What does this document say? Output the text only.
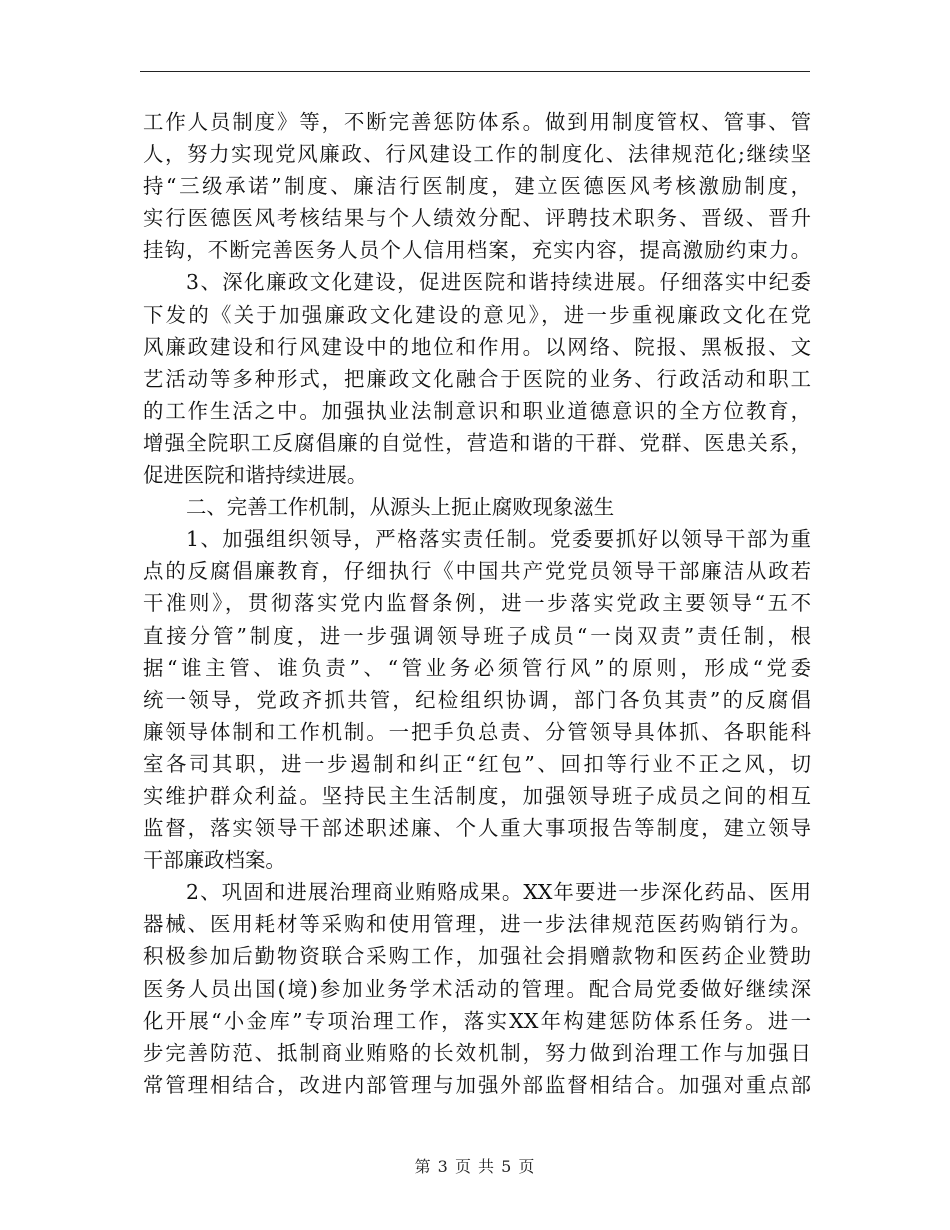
工作人员制度》等，不断完善惩防体系。做到用制度管权、管事、管
人，努力实现党风廉政、行风建设工作的制度化、法律规范化;继续坚
持“三级承诺”制度、廉洁行医制度，建立医德医风考核激励制度，
实行医德医风考核结果与个人绩效分配、评聘技术职务、晋级、晋升
挂钩，不断完善医务人员个人信用档案，充实内容，提高激励约束力。
3、深化廉政文化建设，促进医院和谐持续进展。仔细落实中纪委
下发的《关于加强廉政文化建设的意见》，进一步重视廉政文化在党
风廉政建设和行风建设中的地位和作用。以网络、院报、黑板报、文
艺活动等多种形式，把廉政文化融合于医院的业务、行政活动和职工
的工作生活之中。加强执业法制意识和职业道德意识的全方位教育，
增强全院职工反腐倡廉的自觉性，营造和谐的干群、党群、医患关系，
促进医院和谐持续进展。
二、完善工作机制，从源头上扼止腐败现象滋生
1、加强组织领导，严格落实责任制。党委要抓好以领导干部为重
点的反腐倡廉教育，仔细执行《中国共产党党员领导干部廉洁从政若
干准则》，贯彻落实党内监督条例，进一步落实党政主要领导“五不
直接分管”制度，进一步强调领导班子成员“一岗双责”责任制，根
据“谁主管、谁负责”、“管业务必须管行风”的原则，形成“党委
统一领导，党政齐抓共管，纪检组织协调，部门各负其责”的反腐倡
廉领导体制和工作机制。一把手负总责、分管领导具体抓、各职能科
室各司其职，进一步遏制和纠正“红包”、回扣等行业不正之风，切
实维护群众利益。坚持民主生活制度，加强领导班子成员之间的相互
监督，落实领导干部述职述廉、个人重大事项报告等制度，建立领导
干部廉政档案。
2、巩固和进展治理商业贿赂成果。XX年要进一步深化药品、医用
器械、医用耗材等采购和使用管理，进一步法律规范医药购销行为。
积极参加后勤物资联合采购工作，加强社会捐赠款物和医药企业赞助
医务人员出国(境)参加业务学术活动的管理。配合局党委做好继续深
化开展“小金库”专项治理工作，落实XX年构建惩防体系任务。进一
步完善防范、抵制商业贿赂的长效机制，努力做到治理工作与加强日
常管理相结合，改进内部管理与加强外部监督相结合。加强对重点部
第 3 页 共 5 页
